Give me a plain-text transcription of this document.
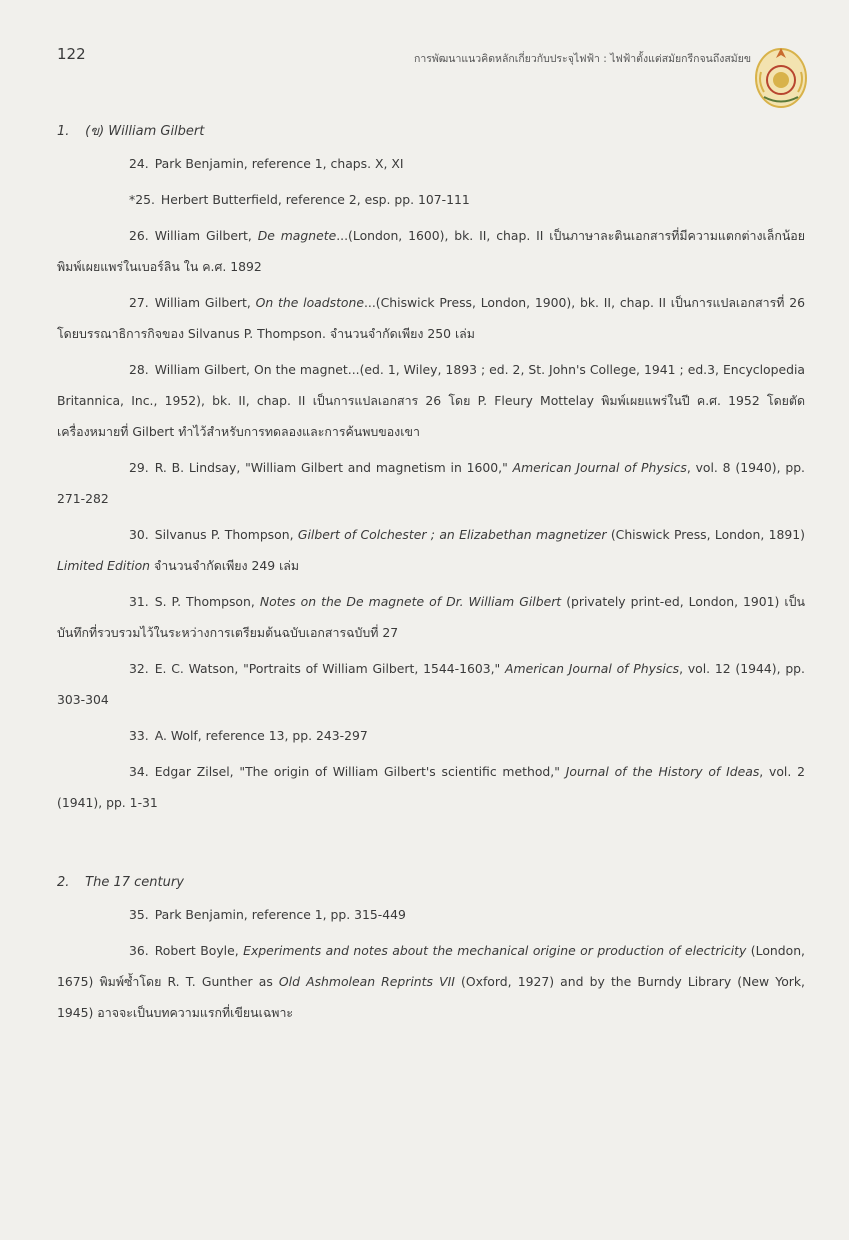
122	การพัฒนาแนวคิดหลักเกี่ยวกับประจุไฟฟ้า : ไฟฟ้าตั้งแต่สมัยกรีกจนถึงสมัยข
1. (ข) William Gilbert

24. Park Benjamin, reference 1, chaps. X, XI

*25. Herbert Butterfield, reference 2, esp. pp. 107-111

26. William Gilbert, De magnete...(London, 1600), bk. II, chap. II เป็นภาษาละตินเอกสารที่มีความแตกต่างเล็กน้อย พิมพ์เผยแพร่ในเบอร์ลิน ใน ค.ศ. 1892

27. William Gilbert, On the loadstone...(Chiswick Press, London, 1900), bk. II, chap. II เป็นการแปลเอกสารที่ 26 โดยบรรณาธิการกิจของ Silvanus P. Thompson. จำนวนจำกัดเพียง 250 เล่ม

28. William Gilbert, On the magnet...(ed. 1, Wiley, 1893 ; ed. 2, St. John's College, 1941 ; ed.3, Encyclopedia Britannica, Inc., 1952), bk. II, chap. II เป็นการแปลเอกสาร 26 โดย P. Fleury Mottelay พิมพ์เผยแพร่ในปี ค.ศ. 1952 โดยตัดเครื่องหมายที่ Gilbert ทำไว้สำหรับการทดลองและการค้นพบของเขา

29. R. B. Lindsay, "William Gilbert and magnetism in 1600," American Journal of Physics, vol. 8 (1940), pp. 271-282

30. Silvanus P. Thompson, Gilbert of Colchester ; an Elizabethan magnetizer (Chiswick Press, London, 1891) Limited Edition จำนวนจำกัดเพียง 249 เล่ม

31. S. P. Thompson, Notes on the De magnete of Dr. William Gilbert (privately print-ed, London, 1901) เป็นบันทึกที่รวบรวมไว้ในระหว่างการเตรียมต้นฉบับเอกสารฉบับที่ 27

32. E. C. Watson, "Portraits of William Gilbert, 1544-1603," American Journal of Physics, vol. 12 (1944), pp. 303-304

33. A. Wolf, reference 13, pp. 243-297

34. Edgar Zilsel, "The origin of William Gilbert's scientific method," Journal of the History of Ideas, vol. 2 (1941), pp. 1-31

2. The 17 century

35. Park Benjamin, reference 1, pp. 315-449

36. Robert Boyle, Experiments and notes about the mechanical origine or production of electricity (London, 1675) พิมพ์ซ้ำโดย R. T. Gunther as Old Ashmolean Reprints VII (Oxford, 1927) and by the Burndy Library (New York, 1945) อาจจะเป็นบทความแรกที่เขียนเฉพาะ
